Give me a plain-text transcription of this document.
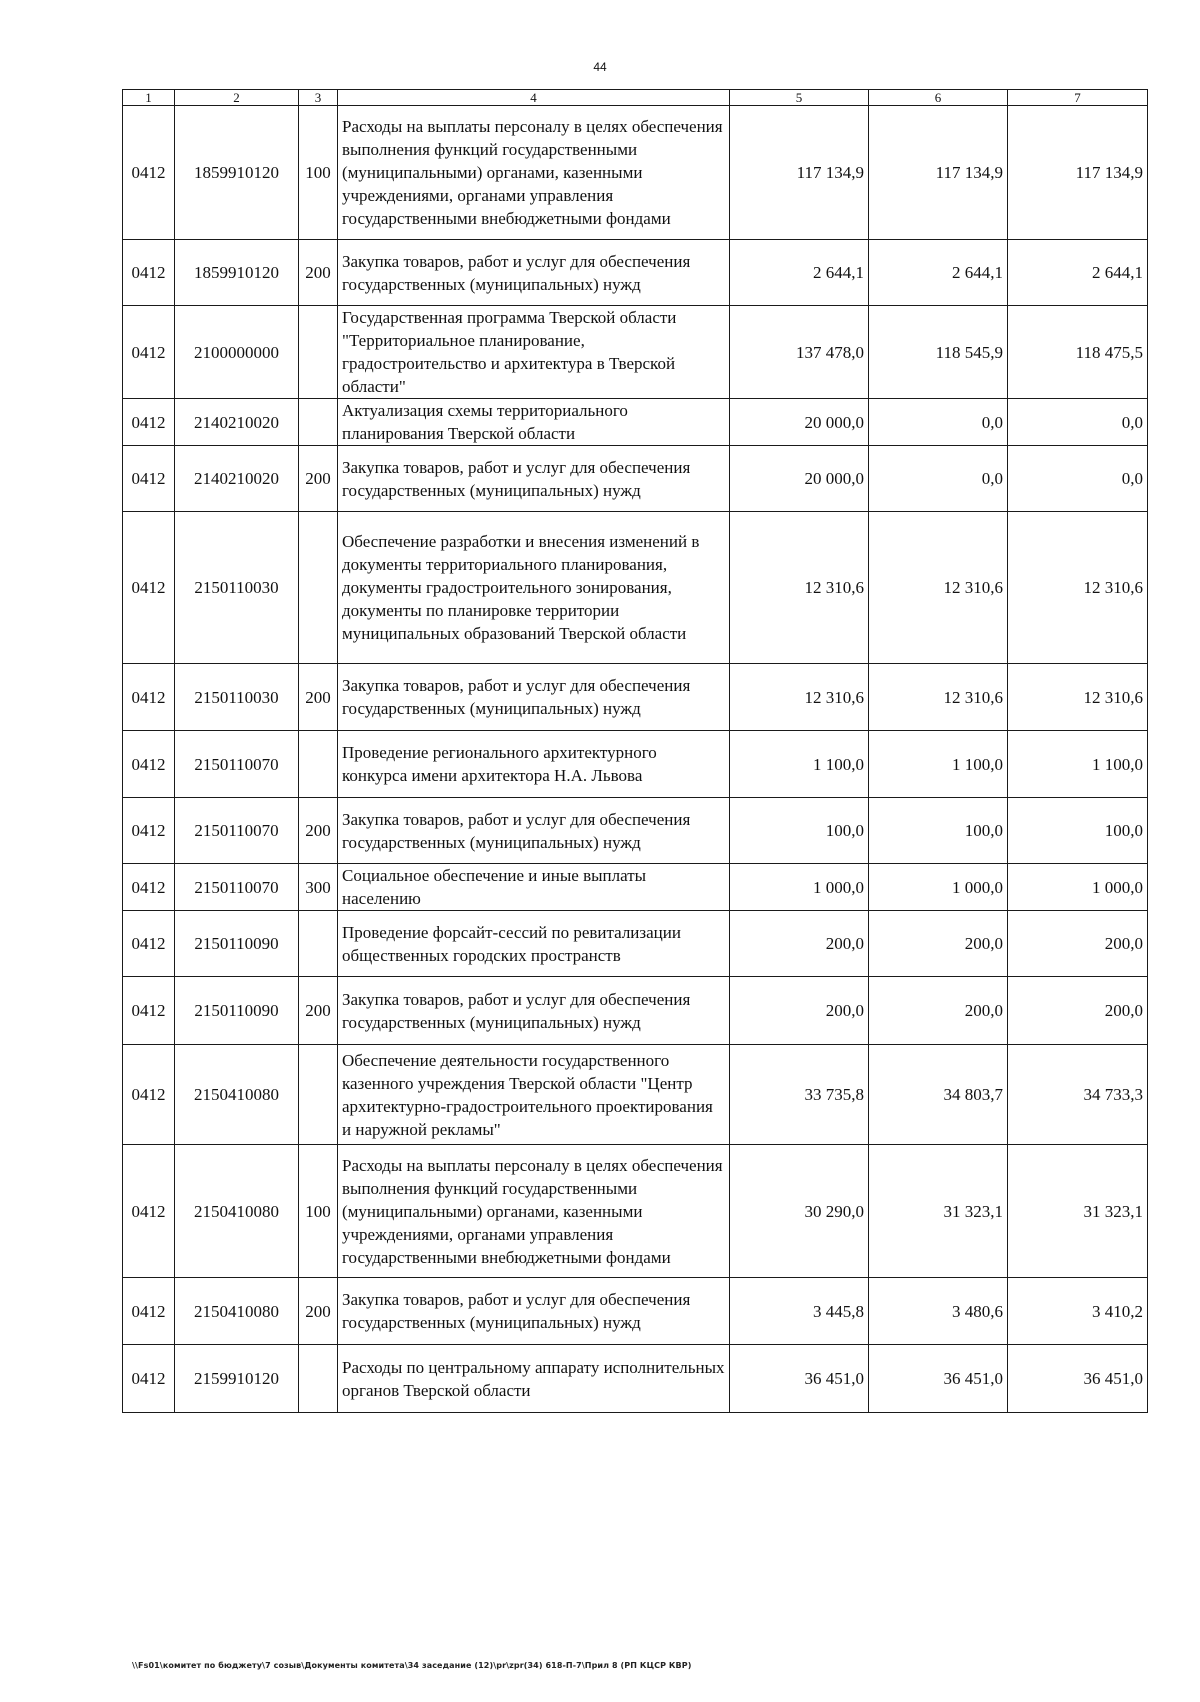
44
1	2	3	4	5	6	7
0412	1859910120	100	Расходы на выплаты персоналу в целях обеспечения выполнения функций государственными (муниципальными) органами, казенными учреждениями, органами управления государственными внебюджетными фондами	117 134,9	117 134,9	117 134,9
0412	1859910120	200	Закупка товаров, работ и услуг для обеспечения государственных (муниципальных) нужд	2 644,1	2 644,1	2 644,1
0412	2100000000		Государственная программа Тверской области "Территориальное планирование, градостроительство и архитектура в Тверской области"	137 478,0	118 545,9	118 475,5
0412	2140210020		Актуализация схемы территориального планирования Тверской области	20 000,0	0,0	0,0
0412	2140210020	200	Закупка товаров, работ и услуг для обеспечения государственных (муниципальных) нужд	20 000,0	0,0	0,0
0412	2150110030		Обеспечение разработки и внесения изменений в документы территориального планирования, документы градостроительного зонирования, документы по планировке территории муниципальных образований Тверской области	12 310,6	12 310,6	12 310,6
0412	2150110030	200	Закупка товаров, работ и услуг для обеспечения государственных (муниципальных) нужд	12 310,6	12 310,6	12 310,6
0412	2150110070		Проведение регионального архитектурного конкурса имени архитектора Н.А. Львова	1 100,0	1 100,0	1 100,0
0412	2150110070	200	Закупка товаров, работ и услуг для обеспечения государственных (муниципальных) нужд	100,0	100,0	100,0
0412	2150110070	300	Социальное обеспечение и иные выплаты населению	1 000,0	1 000,0	1 000,0
0412	2150110090		Проведение форсайт-сессий по ревитализации общественных городских пространств	200,0	200,0	200,0
0412	2150110090	200	Закупка товаров, работ и услуг для обеспечения государственных (муниципальных) нужд	200,0	200,0	200,0
0412	2150410080		Обеспечение деятельности государственного казенного учреждения Тверской области "Центр архитектурно-градостроительного проектирования и наружной рекламы"	33 735,8	34 803,7	34 733,3
0412	2150410080	100	Расходы на выплаты персоналу в целях обеспечения выполнения функций государственными (муниципальными) органами, казенными учреждениями, органами управления государственными внебюджетными фондами	30 290,0	31 323,1	31 323,1
0412	2150410080	200	Закупка товаров, работ и услуг для обеспечения государственных (муниципальных) нужд	3 445,8	3 480,6	3 410,2
0412	2159910120		Расходы по центральному аппарату исполнительных органов Тверской области	36 451,0	36 451,0	36 451,0
\\Fs01\комитет по бюджету\7 созыв\Документы комитета\34 заседание (12)\pr\zpr(34) 618-П-7\Прил 8 (РП КЦСР КВР)
